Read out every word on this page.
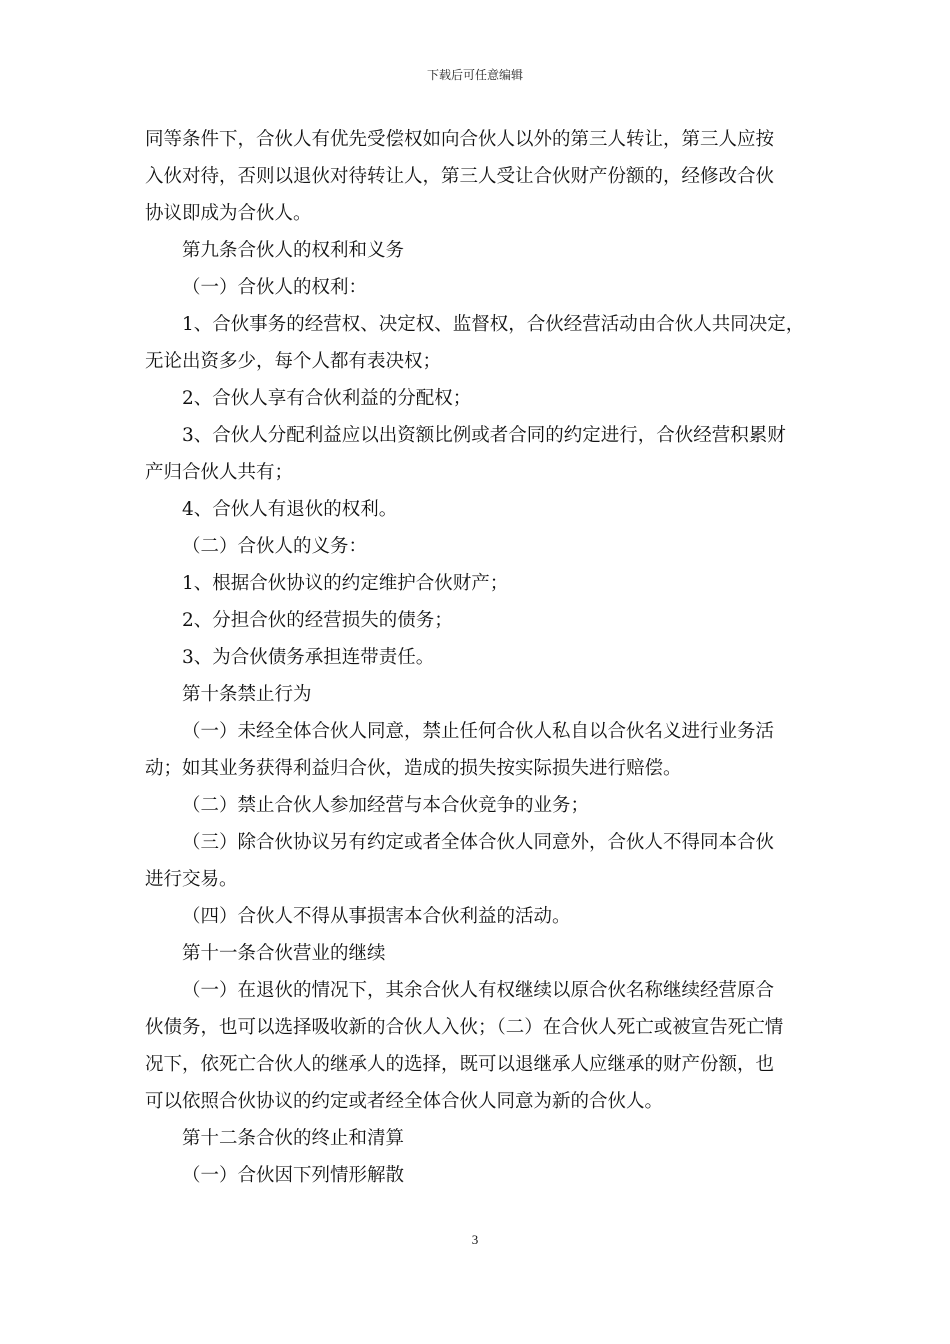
下载后可任意编辑
同等条件下，合伙人有优先受偿权如向合伙人以外的第三人转让，第三人应按
入伙对待，否则以退伙对待转让人，第三人受让合伙财产份额的，经修改合伙
协议即成为合伙人。
第九条合伙人的权利和义务
（一）合伙人的权利：
1、合伙事务的经营权、决定权、监督权，合伙经营活动由合伙人共同决定，
无论出资多少，每个人都有表决权；
2、合伙人享有合伙利益的分配权；
3、合伙人分配利益应以出资额比例或者合同的约定进行，合伙经营积累财
产归合伙人共有；
4、合伙人有退伙的权利。
（二）合伙人的义务：
1、根据合伙协议的约定维护合伙财产；
2、分担合伙的经营损失的债务；
3、为合伙债务承担连带责任。
第十条禁止行为
（一）未经全体合伙人同意，禁止任何合伙人私自以合伙名义进行业务活
动；如其业务获得利益归合伙，造成的损失按实际损失进行赔偿。
（二）禁止合伙人参加经营与本合伙竞争的业务；
（三）除合伙协议另有约定或者全体合伙人同意外，合伙人不得同本合伙
进行交易。
（四）合伙人不得从事损害本合伙利益的活动。
第十一条合伙营业的继续
（一）在退伙的情况下，其余合伙人有权继续以原合伙名称继续经营原合
伙债务，也可以选择吸收新的合伙人入伙；（二）在合伙人死亡或被宣告死亡情
况下，依死亡合伙人的继承人的选择，既可以退继承人应继承的财产份额，也
可以依照合伙协议的约定或者经全体合伙人同意为新的合伙人。
第十二条合伙的终止和清算
（一）合伙因下列情形解散
3
